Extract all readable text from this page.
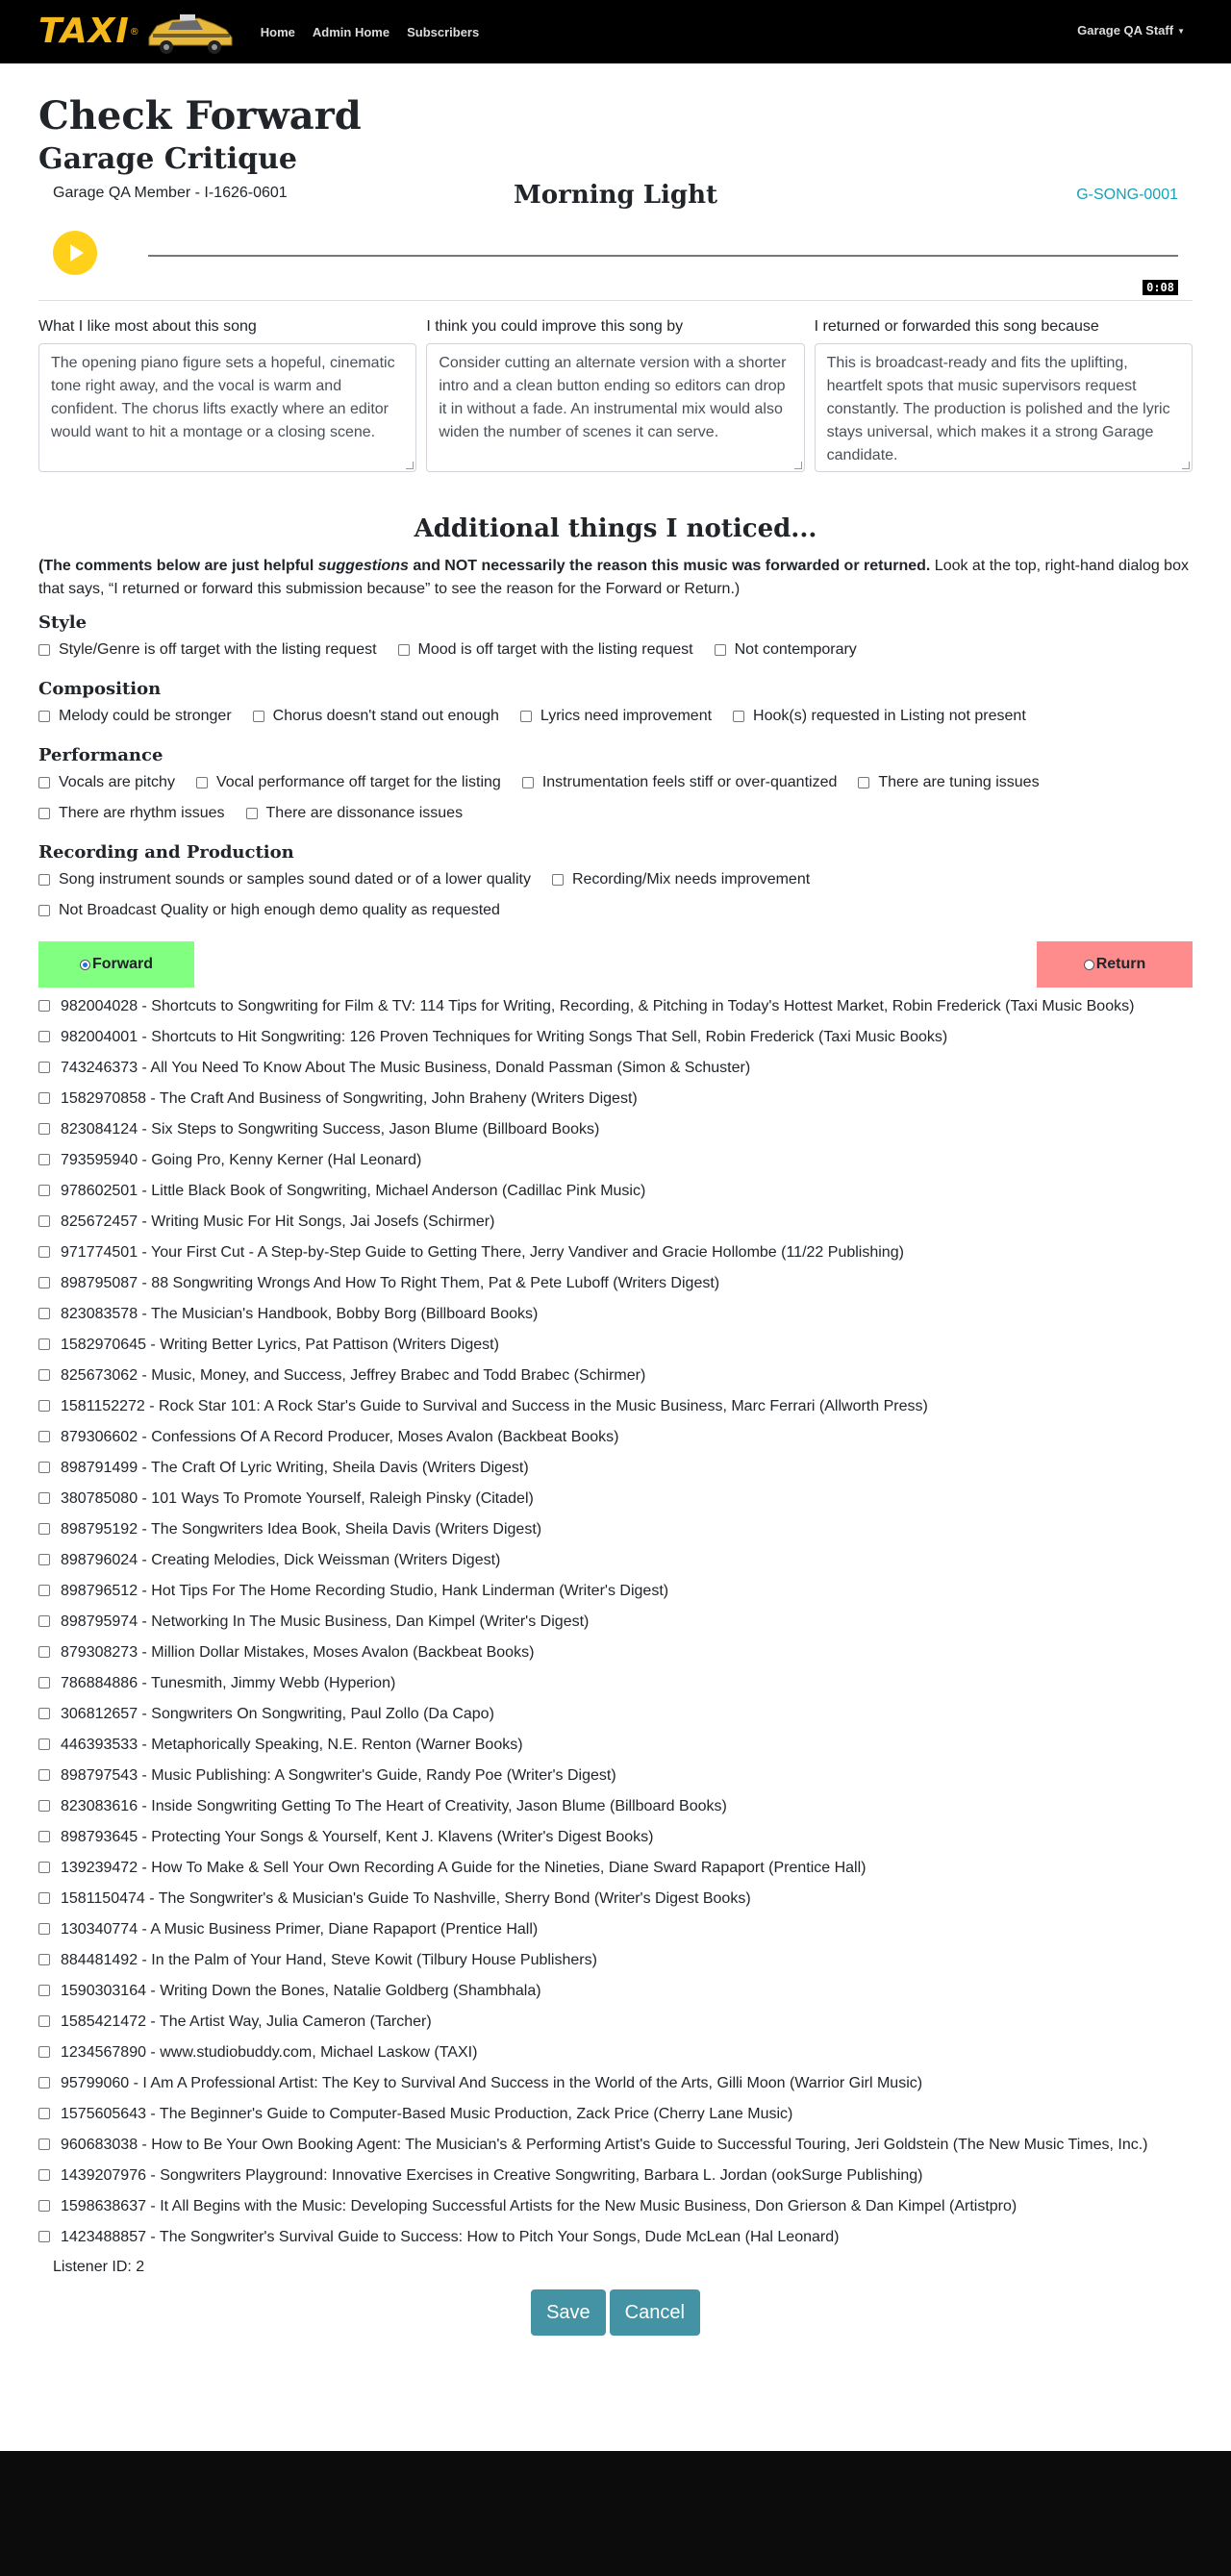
TAXI ®	Home Admin Home Subscribers	Garage QA Staff ▼
Check Forward
Garage Critique
Garage QA Member - I-1626-0601	Morning Light	G-SONG-0001
0:08
What I like most about this song
The opening piano figure sets a hopeful, cinematic tone right away, and the vocal is warm and confident. The chorus lifts exactly where an editor would want to hit a montage or a closing scene.
I think you could improve this song by
Consider cutting an alternate version with a shorter intro and a clean button ending so editors can drop it in without a fade. An instrumental mix would also widen the number of scenes it can serve.
I returned or forwarded this song because
This is broadcast-ready and fits the uplifting, heartfelt spots that music supervisors request constantly. The production is polished and the lyric stays universal, which makes it a strong Garage candidate.
Additional things I noticed...
(The comments below are just helpful suggestions and NOT necessarily the reason this music was forwarded or returned. Look at the top, right-hand dialog box that says, “I returned or forward this submission because” to see the reason for the Forward or Return.)
Style
Style/Genre is off target with the listing request	Mood is off target with the listing request	Not contemporary
Composition
Melody could be stronger	Chorus doesn't stand out enough	Lyrics need improvement	Hook(s) requested in Listing not present
Performance
Vocals are pitchy	Vocal performance off target for the listing	Instrumentation feels stiff or over-quantized	There are tuning issues
There are rhythm issues	There are dissonance issues
Recording and Production
Song instrument sounds or samples sound dated or of a lower quality	Recording/Mix needs improvement
Not Broadcast Quality or high enough demo quality as requested
Forward	Return
982004028 - Shortcuts to Songwriting for Film & TV: 114 Tips for Writing, Recording, & Pitching in Today's Hottest Market, Robin Frederick (Taxi Music Books)
982004001 - Shortcuts to Hit Songwriting: 126 Proven Techniques for Writing Songs That Sell, Robin Frederick (Taxi Music Books)
743246373 - All You Need To Know About The Music Business, Donald Passman (Simon & Schuster)
1582970858 - The Craft And Business of Songwriting, John Braheny (Writers Digest)
823084124 - Six Steps to Songwriting Success, Jason Blume (Billboard Books)
793595940 - Going Pro, Kenny Kerner (Hal Leonard)
978602501 - Little Black Book of Songwriting, Michael Anderson (Cadillac Pink Music)
825672457 - Writing Music For Hit Songs, Jai Josefs (Schirmer)
971774501 - Your First Cut - A Step-by-Step Guide to Getting There, Jerry Vandiver and Gracie Hollombe (11/22 Publishing)
898795087 - 88 Songwriting Wrongs And How To Right Them, Pat & Pete Luboff (Writers Digest)
823083578 - The Musician's Handbook, Bobby Borg (Billboard Books)
1582970645 - Writing Better Lyrics, Pat Pattison (Writers Digest)
825673062 - Music, Money, and Success, Jeffrey Brabec and Todd Brabec (Schirmer)
1581152272 - Rock Star 101: A Rock Star's Guide to Survival and Success in the Music Business, Marc Ferrari (Allworth Press)
879306602 - Confessions Of A Record Producer, Moses Avalon (Backbeat Books)
898791499 - The Craft Of Lyric Writing, Sheila Davis (Writers Digest)
380785080 - 101 Ways To Promote Yourself, Raleigh Pinsky (Citadel)
898795192 - The Songwriters Idea Book, Sheila Davis (Writers Digest)
898796024 - Creating Melodies, Dick Weissman (Writers Digest)
898796512 - Hot Tips For The Home Recording Studio, Hank Linderman (Writer's Digest)
898795974 - Networking In The Music Business, Dan Kimpel (Writer's Digest)
879308273 - Million Dollar Mistakes, Moses Avalon (Backbeat Books)
786884886 - Tunesmith, Jimmy Webb (Hyperion)
306812657 - Songwriters On Songwriting, Paul Zollo (Da Capo)
446393533 - Metaphorically Speaking, N.E. Renton (Warner Books)
898797543 - Music Publishing: A Songwriter's Guide, Randy Poe (Writer's Digest)
823083616 - Inside Songwriting Getting To The Heart of Creativity, Jason Blume (Billboard Books)
898793645 - Protecting Your Songs & Yourself, Kent J. Klavens (Writer's Digest Books)
139239472 - How To Make & Sell Your Own Recording A Guide for the Nineties, Diane Sward Rapaport (Prentice Hall)
1581150474 - The Songwriter's & Musician's Guide To Nashville, Sherry Bond (Writer's Digest Books)
130340774 - A Music Business Primer, Diane Rapaport (Prentice Hall)
884481492 - In the Palm of Your Hand, Steve Kowit (Tilbury House Publishers)
1590303164 - Writing Down the Bones, Natalie Goldberg (Shambhala)
1585421472 - The Artist Way, Julia Cameron (Tarcher)
1234567890 - www.studiobuddy.com, Michael Laskow (TAXI)
95799060 - I Am A Professional Artist: The Key to Survival And Success in the World of the Arts, Gilli Moon (Warrior Girl Music)
1575605643 - The Beginner's Guide to Computer-Based Music Production, Zack Price (Cherry Lane Music)
960683038 - How to Be Your Own Booking Agent: The Musician's & Performing Artist's Guide to Successful Touring, Jeri Goldstein (The New Music Times, Inc.)
1439207976 - Songwriters Playground: Innovative Exercises in Creative Songwriting, Barbara L. Jordan (ookSurge Publishing)
1598638637 - It All Begins with the Music: Developing Successful Artists for the New Music Business, Don Grierson & Dan Kimpel (Artistpro)
1423488857 - The Songwriter's Survival Guide to Success: How to Pitch Your Songs, Dude McLean (Hal Leonard)
Listener ID: 2
Save	Cancel
